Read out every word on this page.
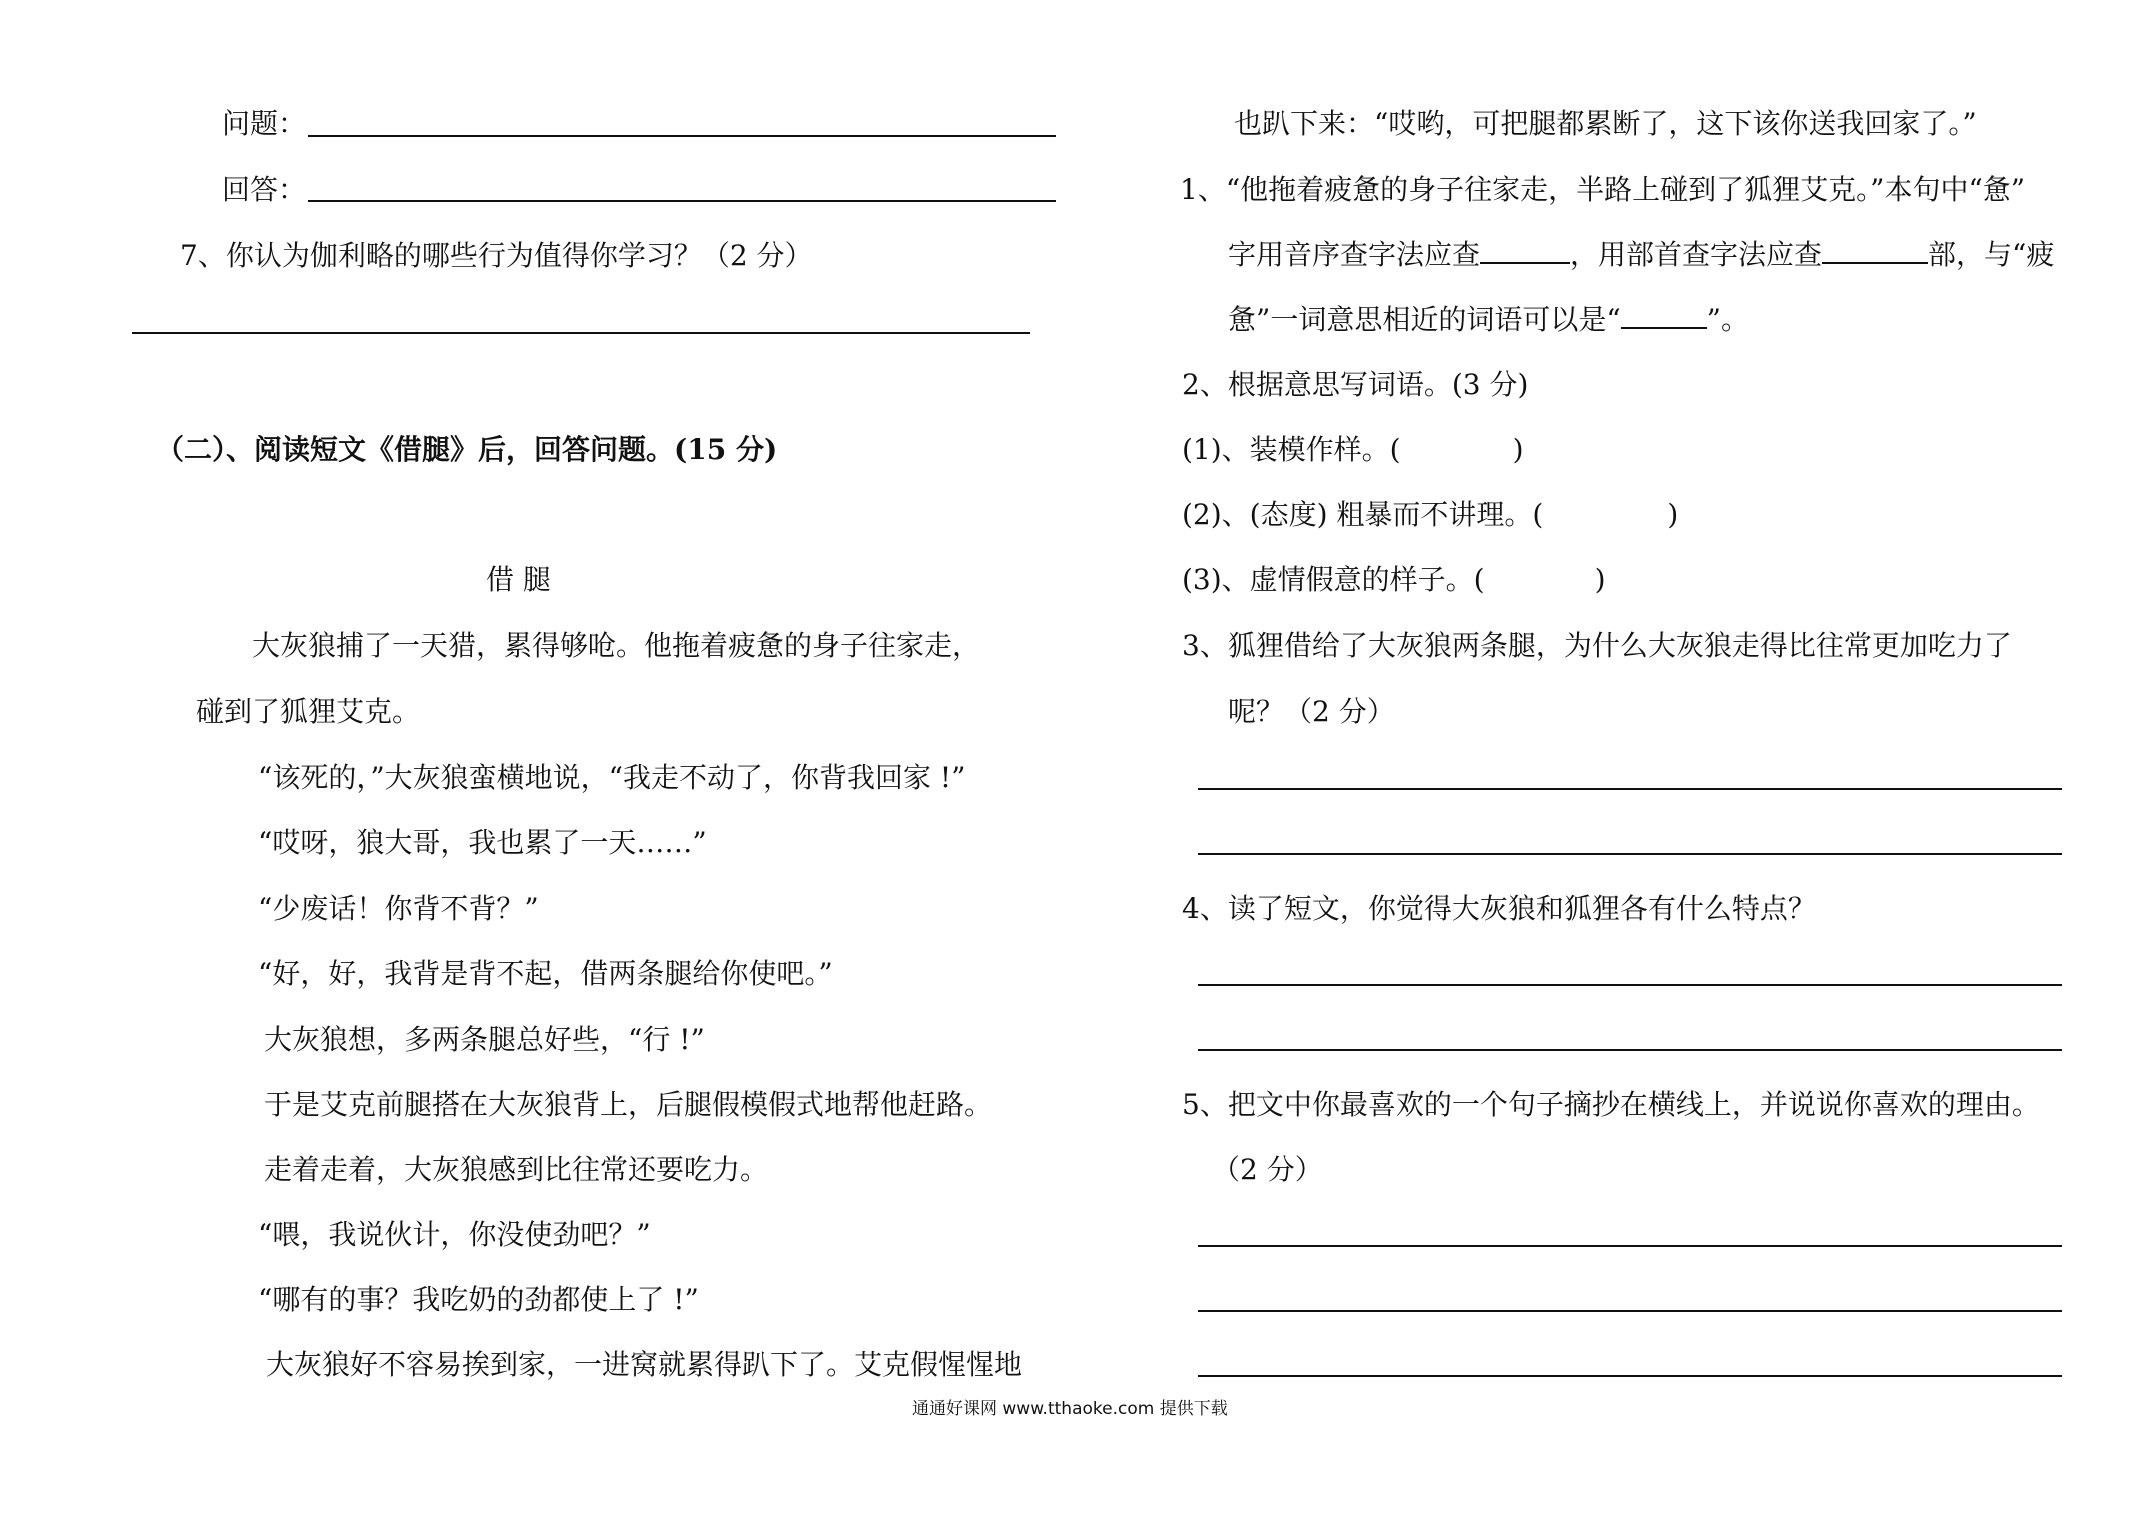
问题：
回答：
7、你认为伽利略的哪些行为值得你学习？（2 分）
（二）、阅读短文《借腿》后，回答问题。(15 分)
借 腿
大灰狼捕了一天猎，累得够呛。他拖着疲惫的身子往家走，
碰到了狐狸艾克。
“该死的，”大灰狼蛮横地说，“我走不动了，你背我回家 !”
“哎呀，狼大哥，我也累了一天……”
“少废话！你背不背？”
“好，好，我背是背不起，借两条腿给你使吧。”
大灰狼想，多两条腿总好些，“行 !”
于是艾克前腿搭在大灰狼背上，后腿假模假式地帮他赶路。
走着走着，大灰狼感到比往常还要吃力。
“喂，我说伙计，你没使劲吧？”
“哪有的事？我吃奶的劲都使上了 !”
大灰狼好不容易挨到家，一进窝就累得趴下了。艾克假惺惺地
也趴下来：“哎哟，可把腿都累断了，这下该你送我回家了。”
1、“他拖着疲惫的身子往家走，半路上碰到了狐狸艾克。”本句中“惫”
字用音序查字法应查	，用部首查字法应查	部，与“疲
惫”一词意思相近的词语可以是“	”。
2、根据意思写词语。(3 分)
(1)、装模作样。(	)
(2)、(态度) 粗暴而不讲理。(	)
(3)、虚情假意的样子。(	)
3、狐狸借给了大灰狼两条腿，为什么大灰狼走得比往常更加吃力了
呢？（2 分）
4、读了短文，你觉得大灰狼和狐狸各有什么特点？
5、把文中你最喜欢的一个句子摘抄在横线上，并说说你喜欢的理由。
（2 分）
通通好课网 www.tthaoke.com 提供下载
